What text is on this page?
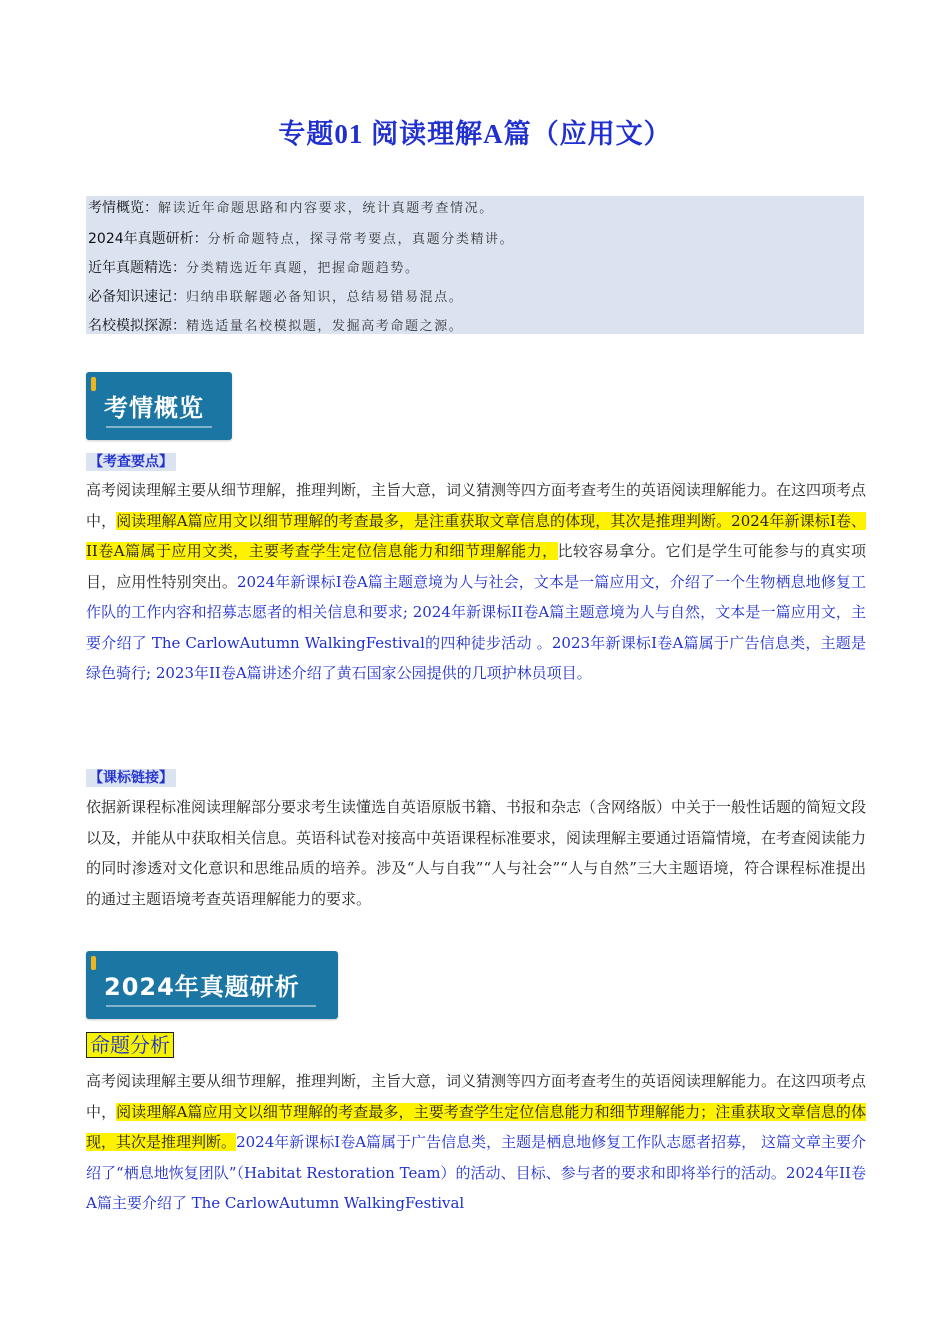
专题01 阅读理解A篇（应用文）
考情概览：解读近年命题思路和内容要求，统计真题考查情况。
2024年真题研析：分析命题特点，探寻常考要点，真题分类精讲。
近年真题精选：分类精选近年真题，把握命题趋势。
必备知识速记：归纳串联解题必备知识，总结易错易混点。
名校模拟探源：精选适量名校模拟题，发掘高考命题之源。
考情概览
【考查要点】
高考阅读理解主要从细节理解，推理判断，主旨大意，词义猜测等四方面考查考生的英语阅读理解能力。在这四项考点中，阅读理解A篇应用文以细节理解的考查最多，是注重获取文章信息的体现，其次是推理判断。2024年新课标I卷、II卷A篇属于应用文类，主要考查学生定位信息能力和细节理解能力，比较容易拿分。它们是学生可能参与的真实项目，应用性特别突出。2024年新课标I卷A篇主题意境为人与社会，文本是一篇应用文，介绍了一个生物栖息地修复工作队的工作内容和招募志愿者的相关信息和要求; 2024年新课标II卷A篇主题意境为人与自然，文本是一篇应用文，主要介绍了 The CarlowAutumn WalkingFestival的四种徒步活动 。2023年新课标I卷A篇属于广告信息类，主题是绿色骑行; 2023年II卷A篇讲述介绍了黄石国家公园提供的几项护林员项目。
【课标链接】
依据新课程标准阅读理解部分要求考生读懂选自英语原版书籍、书报和杂志（含网络版）中关于一般性话题的简短文段以及，并能从中获取相关信息。英语科试卷对接高中英语课程标准要求，阅读理解主要通过语篇情境，在考查阅读能力的同时渗透对文化意识和思维品质的培养。涉及“人与自我”“人与社会”“人与自然”三大主题语境，符合课程标准提出的通过主题语境考查英语理解能力的要求。
2024年真题研析
命题分析
高考阅读理解主要从细节理解，推理判断，主旨大意，词义猜测等四方面考查考生的英语阅读理解能力。在这四项考点中，阅读理解A篇应用文以细节理解的考查最多，主要考查学生定位信息能力和细节理解能力；注重获取文章信息的体现，其次是推理判断。2024年新课标I卷A篇属于广告信息类，主题是栖息地修复工作队志愿者招募， 这篇文章主要介绍了“栖息地恢复团队”（Habitat Restoration Team）的活动、目标、参与者的要求和即将举行的活动。2024年II卷A篇主要介绍了 The CarlowAutumn WalkingFestival
